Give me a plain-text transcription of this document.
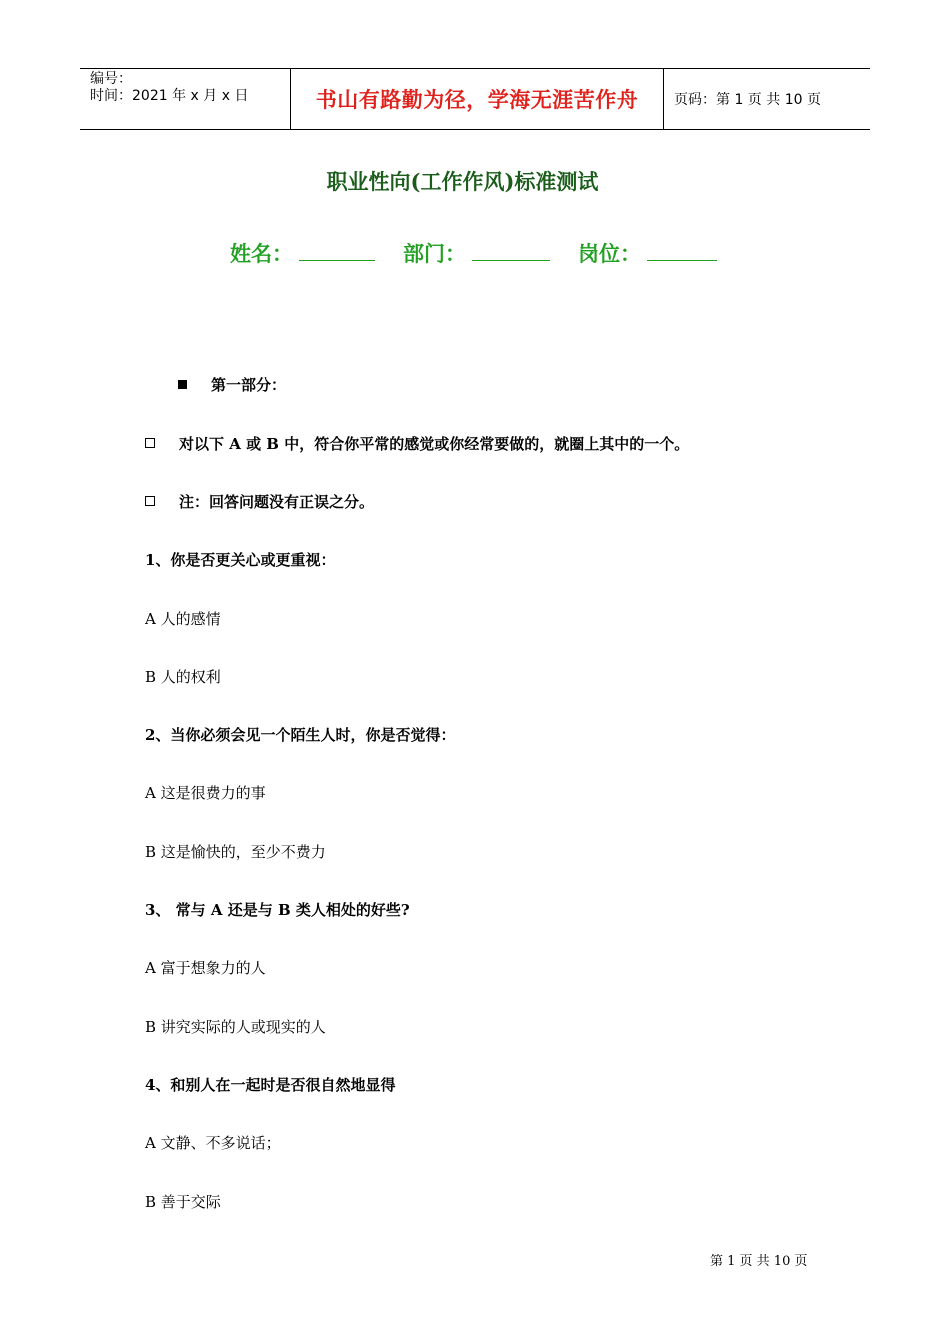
编号：
时间：2021 年 x 月 x 日	书山有路勤为径，学海无涯苦作舟	页码：第 1 页 共 10 页
职业性向(工作作风)标准测试
姓名：	部门：	岗位：
第一部分：
对以下 A 或 B 中，符合你平常的感觉或你经常要做的，就圈上其中的一个。
注：回答问题没有正误之分。
1、你是否更关心或更重视：
A 人的感情
B 人的权利
2、当你必须会见一个陌生人时，你是否觉得：
A 这是很费力的事
B 这是愉快的，至少不费力
3、 常与 A 还是与 B 类人相处的好些?
A 富于想象力的人
B 讲究实际的人或现实的人
4、和别人在一起时是否很自然地显得
A 文静、不多说话；
B 善于交际
第 1 页 共 10 页
